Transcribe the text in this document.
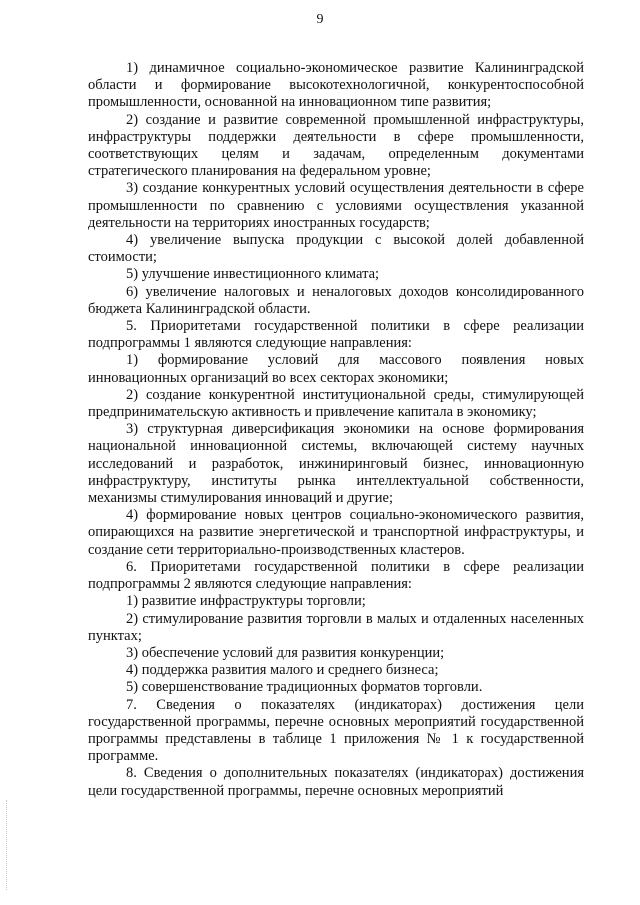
9

1) динамичное социально-экономическое развитие Калининградской области и формирование высокотехнологичной, конкурентоспособной промышленности, основанной на инновационном типе развития;

2) создание и развитие современной промышленной инфраструктуры, инфраструктуры поддержки деятельности в сфере промышленности, соответствующих целям и задачам, определенным документами стратегического планирования на федеральном уровне;

3) создание конкурентных условий осуществления деятельности в сфере промышленности по сравнению с условиями осуществления указанной деятельности на территориях иностранных государств;

4) увеличение выпуска продукции с высокой долей добавленной стоимости;

5) улучшение инвестиционного климата;

6) увеличение налоговых и неналоговых доходов консолидированного бюджета Калининградской области.

5. Приоритетами государственной политики в сфере реализации подпрограммы 1 являются следующие направления:

1) формирование условий для массового появления новых инновационных организаций во всех секторах экономики;

2) создание конкурентной институциональной среды, стимулирующей предпринимательскую активность и привлечение капитала в экономику;

3) структурная диверсификация экономики на основе формирования национальной инновационной системы, включающей систему научных исследований и разработок, инжиниринговый бизнес, инновационную инфраструктуру, институты рынка интеллектуальной собственности, механизмы стимулирования инноваций и другие;

4) формирование новых центров социально-экономического развития, опирающихся на развитие энергетической и транспортной инфраструктуры, и создание сети территориально-производственных кластеров.

6. Приоритетами государственной политики в сфере реализации подпрограммы 2 являются следующие направления:

1) развитие инфраструктуры торговли;

2) стимулирование развития торговли в малых и отдаленных населенных пунктах;

3) обеспечение условий для развития конкуренции;

4) поддержка развития малого и среднего бизнеса;

5) совершенствование традиционных форматов торговли.

7. Сведения о показателях (индикаторах) достижения цели государственной программы, перечне основных мероприятий государственной программы представлены в таблице 1 приложения № 1 к государственной программе.

8. Сведения о дополнительных показателях (индикаторах) достижения цели государственной программы, перечне основных мероприятий
